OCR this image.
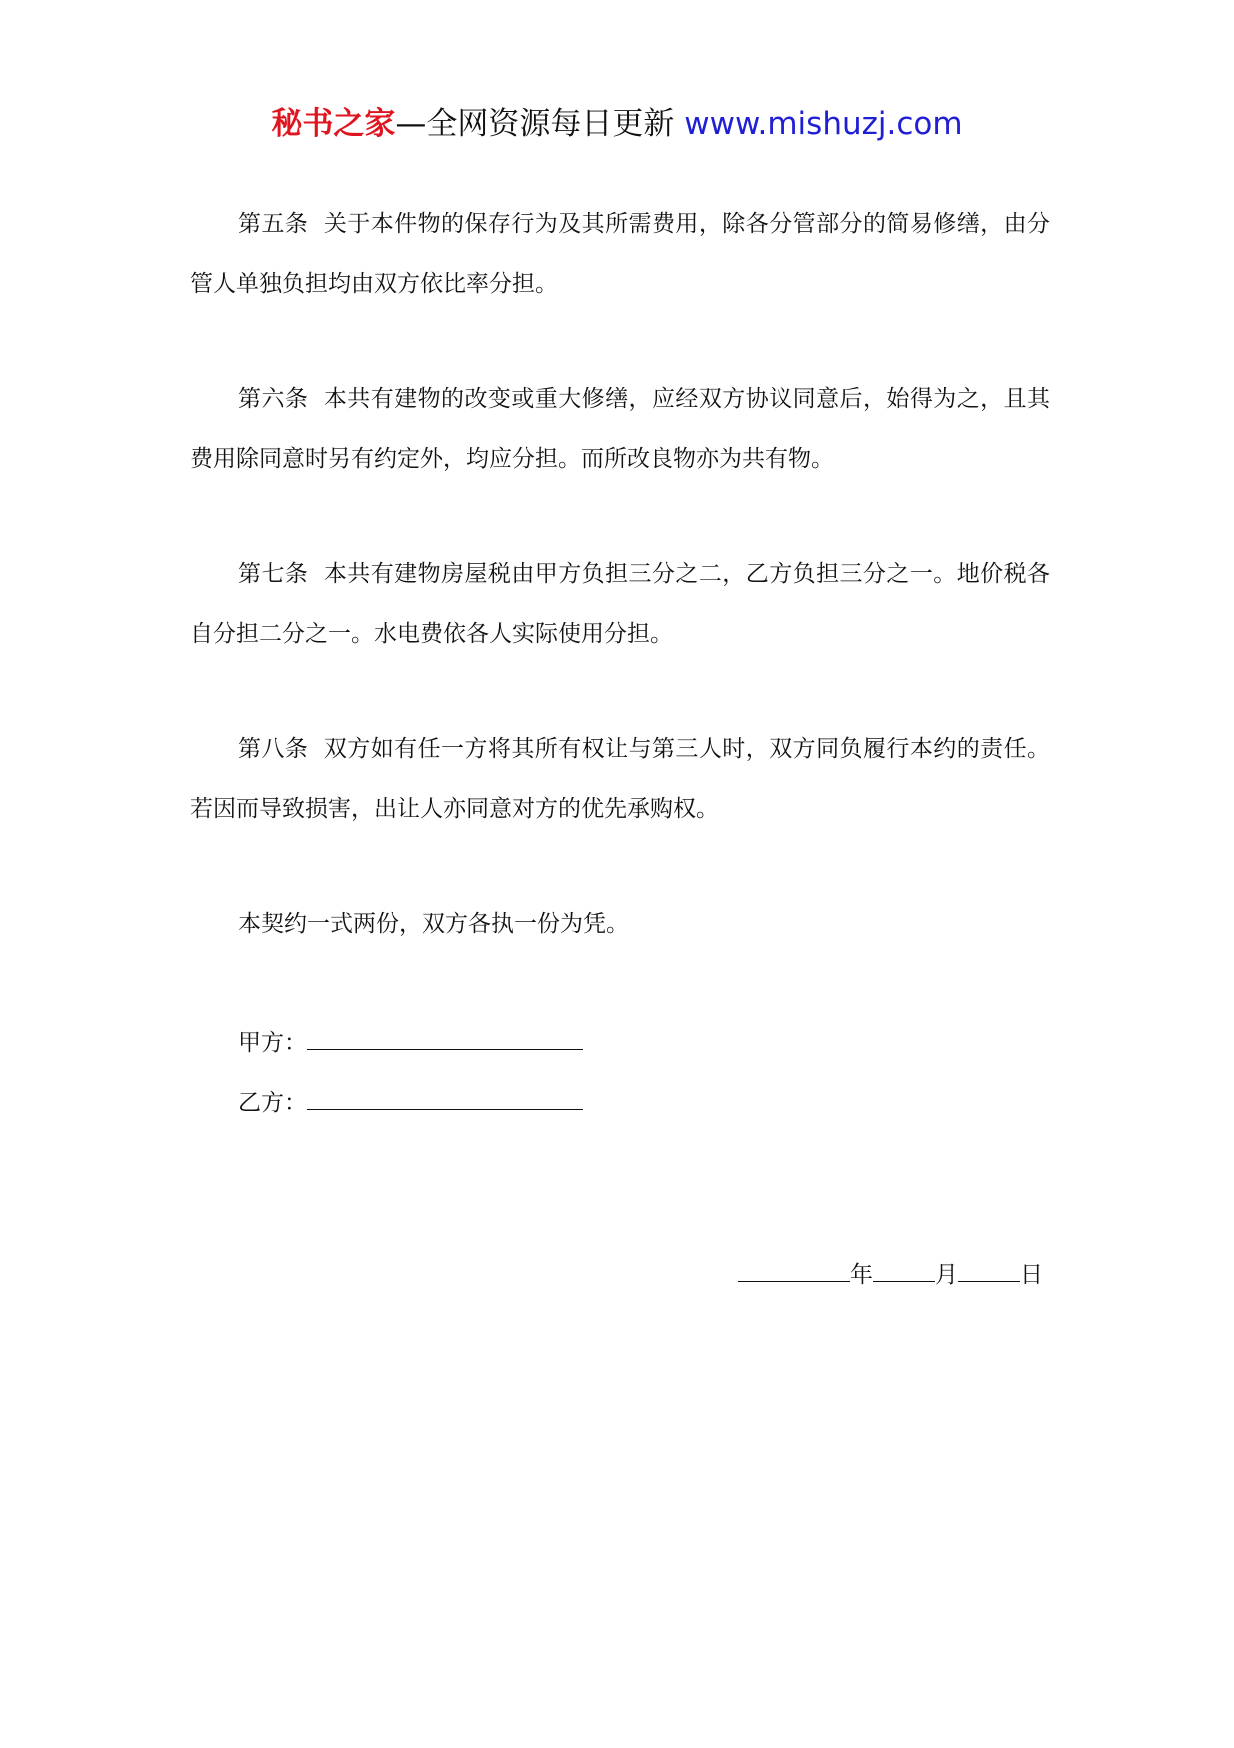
秘书之家—全网资源每日更新 www.mishuzj.com

第五条 关于本件物的保存行为及其所需费用，除各分管部分的简易修缮，由分管人单独负担均由双方依比率分担。

第六条 本共有建物的改变或重大修缮，应经双方协议同意后，始得为之，且其费用除同意时另有约定外，均应分担。而所改良物亦为共有物。

第七条 本共有建物房屋税由甲方负担三分之二，乙方负担三分之一。地价税各自分担二分之一。水电费依各人实际使用分担。

第八条 双方如有任一方将其所有权让与第三人时，双方同负履行本约的责任。若因而导致损害，出让人亦同意对方的优先承购权。

本契约一式两份，双方各执一份为凭。

甲方：
乙方：
年	月	日
